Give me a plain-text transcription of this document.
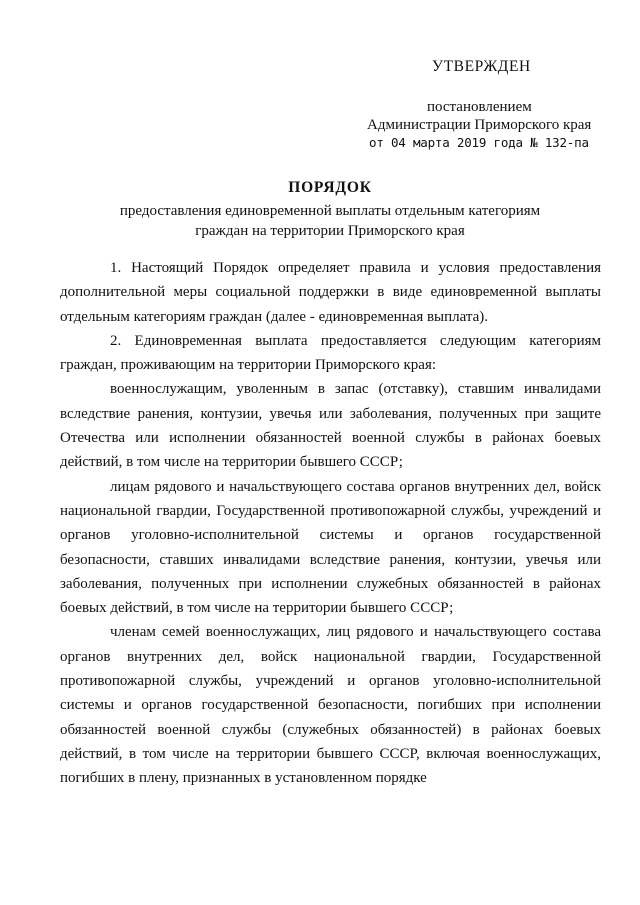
УТВЕРЖДЕН
постановлением
Администрации Приморского края
от 04 марта 2019 года № 132-па
ПОРЯДОК
предоставления единовременной выплаты отдельным категориям
граждан на территории Приморского края

1. Настоящий Порядок определяет правила и условия предоставления дополнительной меры социальной поддержки в виде единовременной выплаты отдельным категориям граждан (далее - единовременная выплата).

2. Единовременная выплата предоставляется следующим категориям граждан, проживающим на территории Приморского края:

военнослужащим, уволенным в запас (отставку), ставшим инвалидами вследствие ранения, контузии, увечья или заболевания, полученных при защите Отечества или исполнении обязанностей военной службы в районах боевых действий, в том числе на территории бывшего СССР;

лицам рядового и начальствующего состава органов внутренних дел, войск национальной гвардии, Государственной противопожарной службы, учреждений и органов уголовно-исполнительной системы и органов государственной безопасности, ставших инвалидами вследствие ранения, контузии, увечья или заболевания, полученных при исполнении служебных обязанностей в районах боевых действий, в том числе на территории бывшего СССР;

членам семей военнослужащих, лиц рядового и начальствующего состава органов внутренних дел, войск национальной гвардии, Государственной противопожарной службы, учреждений и органов уголовно-исполнительной системы и органов государственной безопасности, погибших при исполнении обязанностей военной службы (служебных обязанностей) в районах боевых действий, в том числе на территории бывшего СССР, включая военнослужащих, погибших в плену, признанных в установленном порядке
